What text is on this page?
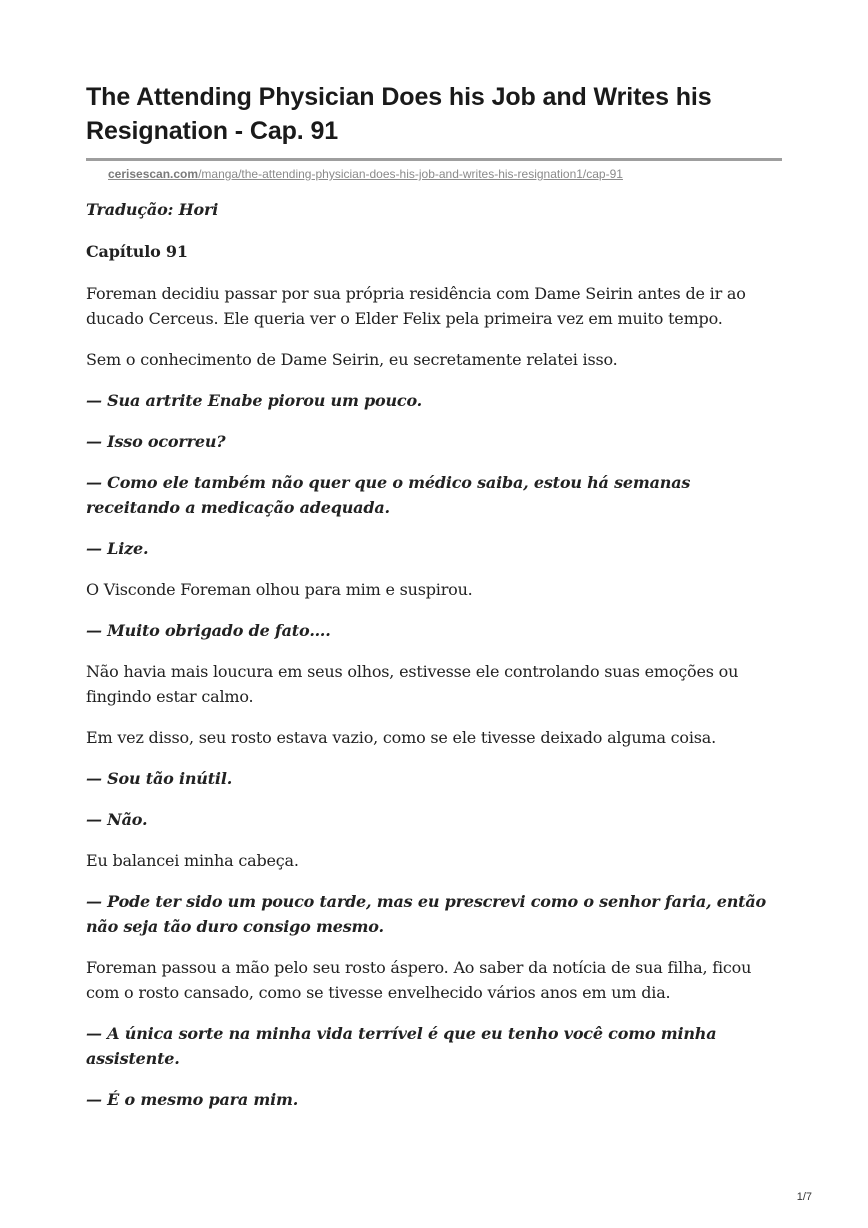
The Attending Physician Does his Job and Writes his Resignation - Cap. 91
cerisescan.com/manga/the-attending-physician-does-his-job-and-writes-his-resignation1/cap-91
Tradução: Hori
Capítulo 91

Foreman decidiu passar por sua própria residência com Dame Seirin antes de ir ao ducado Cerceus. Ele queria ver o Elder Felix pela primeira vez em muito tempo.

Sem o conhecimento de Dame Seirin, eu secretamente relatei isso.

— Sua artrite Enabe piorou um pouco.

— Isso ocorreu?

— Como ele também não quer que o médico saiba, estou há semanas receitando a medicação adequada.

— Lize.

O Visconde Foreman olhou para mim e suspirou.

— Muito obrigado de fato….

Não havia mais loucura em seus olhos, estivesse ele controlando suas emoções ou fingindo estar calmo.

Em vez disso, seu rosto estava vazio, como se ele tivesse deixado alguma coisa.

— Sou tão inútil.

— Não.

Eu balancei minha cabeça.

— Pode ter sido um pouco tarde, mas eu prescrevi como o senhor faria, então não seja tão duro consigo mesmo.

Foreman passou a mão pelo seu rosto áspero. Ao saber da notícia de sua filha, ficou com o rosto cansado, como se tivesse envelhecido vários anos em um dia.

— A única sorte na minha vida terrível é que eu tenho você como minha assistente.

— É o mesmo para mim.

1/7
